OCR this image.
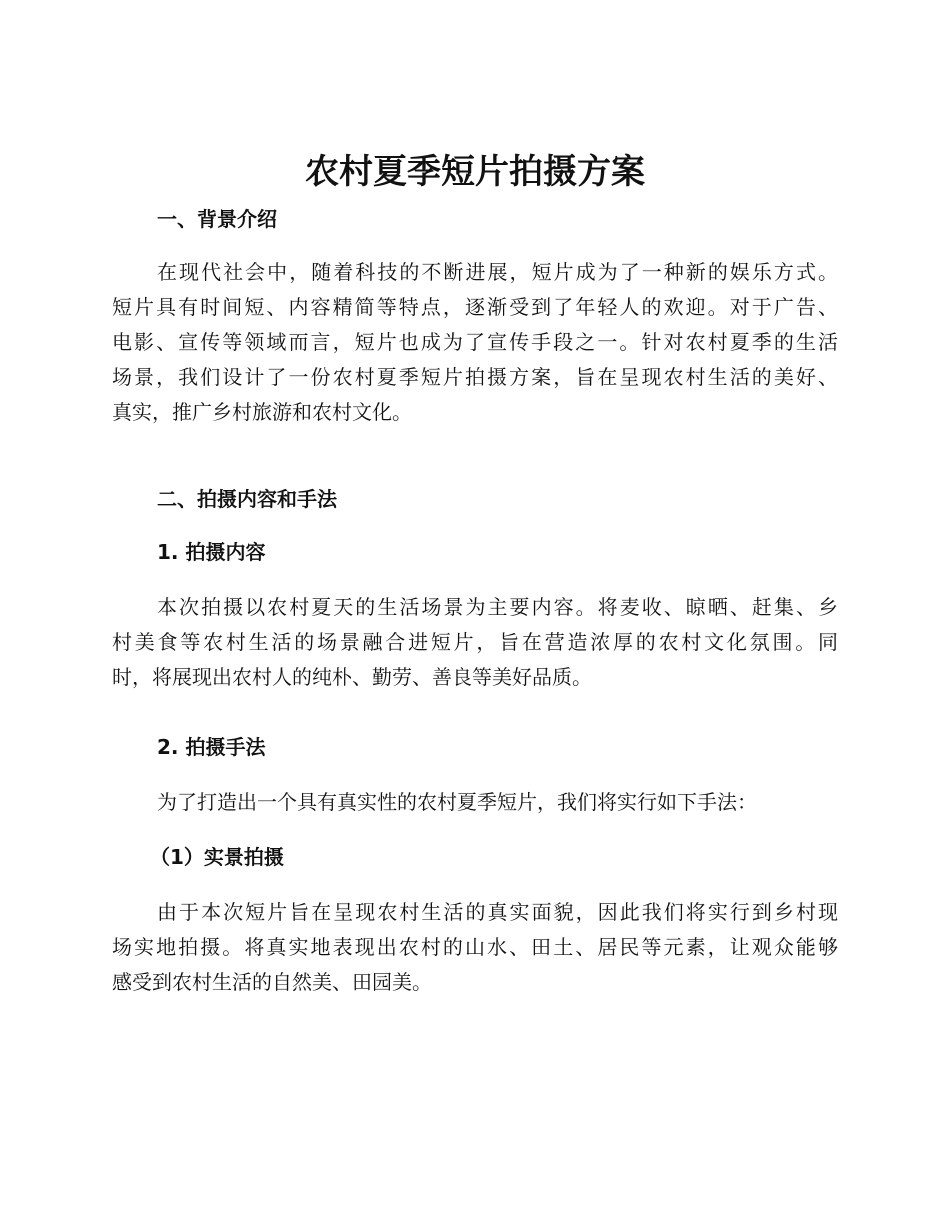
农村夏季短片拍摄方案
一、背景介绍
在现代社会中，随着科技的不断进展，短片成为了一种新的娱乐方式。
短片具有时间短、内容精简等特点，逐渐受到了年轻人的欢迎。对于广告、
电影、宣传等领域而言，短片也成为了宣传手段之一。针对农村夏季的生活
场景，我们设计了一份农村夏季短片拍摄方案，旨在呈现农村生活的美好、
真实，推广乡村旅游和农村文化。
二、拍摄内容和手法
1. 拍摄内容
本次拍摄以农村夏天的生活场景为主要内容。将麦收、晾晒、赶集、乡
村美食等农村生活的场景融合进短片，旨在营造浓厚的农村文化氛围。同
时，将展现出农村人的纯朴、勤劳、善良等美好品质。
2. 拍摄手法
为了打造出一个具有真实性的农村夏季短片，我们将实行如下手法：
（1）实景拍摄
由于本次短片旨在呈现农村生活的真实面貌，因此我们将实行到乡村现
场实地拍摄。将真实地表现出农村的山水、田土、居民等元素，让观众能够
感受到农村生活的自然美、田园美。
